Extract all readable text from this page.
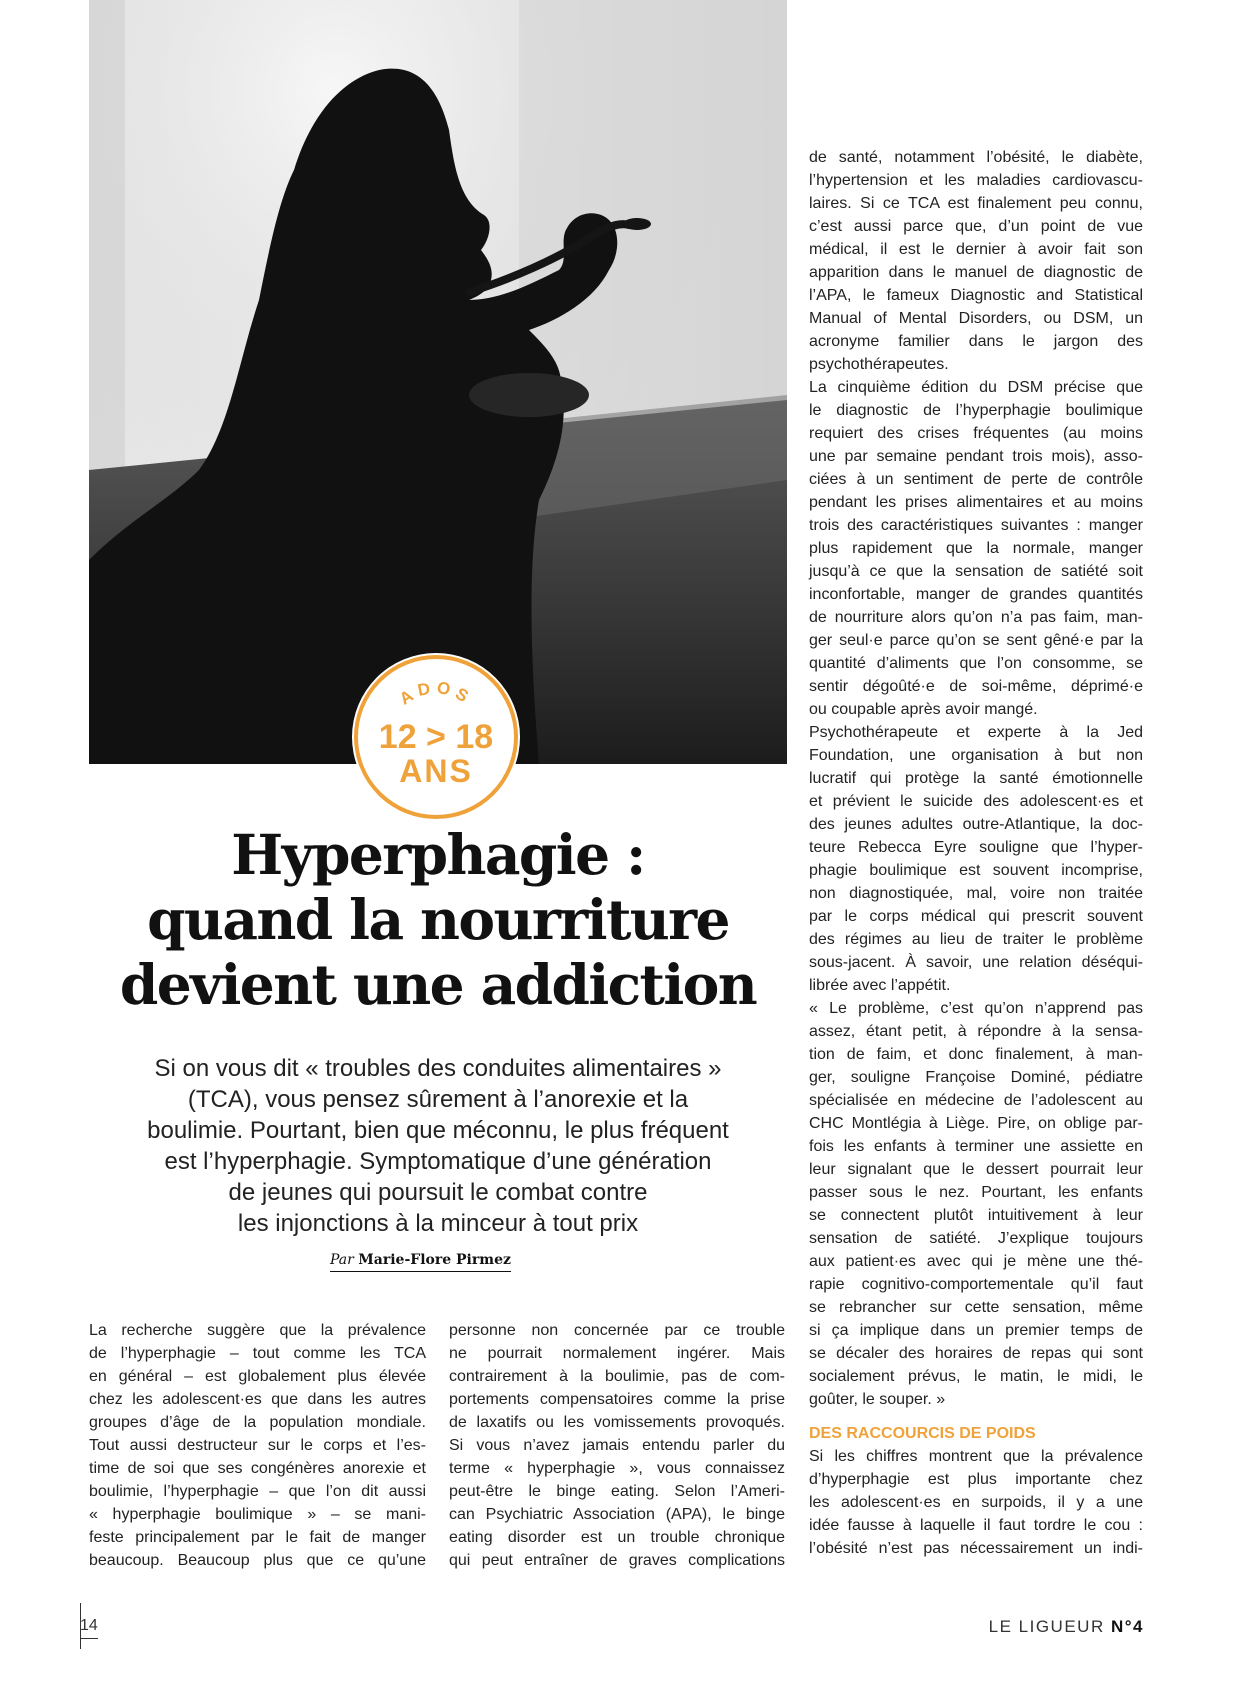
ADOS
12 > 18
ANS
Hyperphagie :
quand la nourriture
devient une addiction

Si on vous dit « troubles des conduites alimentaires »
(TCA), vous pensez sûrement à l’anorexie et la
boulimie. Pourtant, bien que méconnu, le plus fréquent
est l’hyperphagie. Symptomatique d’une génération
de jeunes qui poursuit le combat contre
les injonctions à la minceur à tout prix

Par Marie-Flore Pirmez

La recherche suggère que la prévalence
de l’hyperphagie – tout comme les TCA
en général – est globalement plus élevée
chez les adolescent·es que dans les autres
groupes d’âge de la population mondiale.
Tout aussi destructeur sur le corps et l’es-
time de soi que ses congénères anorexie et
boulimie, l’hyperphagie – que l’on dit aussi
« hyperphagie boulimique » – se mani-
feste principalement par le fait de manger
beaucoup. Beaucoup plus que ce qu’une
personne non concernée par ce trouble
ne pourrait normalement ingérer. Mais
contrairement à la boulimie, pas de com-
portements compensatoires comme la prise
de laxatifs ou les vomissements provoqués.
Si vous n’avez jamais entendu parler du
terme « hyperphagie », vous connaissez
peut-être le binge eating. Selon l’Ameri-
can Psychiatric Association (APA), le binge
eating disorder est un trouble chronique
qui peut entraîner de graves complications
de santé, notamment l’obésité, le diabète,
l’hypertension et les maladies cardiovascu-
laires. Si ce TCA est finalement peu connu,
c’est aussi parce que, d’un point de vue
médical, il est le dernier à avoir fait son
apparition dans le manuel de diagnostic de
l’APA, le fameux Diagnostic and Statistical
Manual of Mental Disorders, ou DSM, un
acronyme familier dans le jargon des
psychothérapeutes.
La cinquième édition du DSM précise que
le diagnostic de l’hyperphagie boulimique
requiert des crises fréquentes (au moins
une par semaine pendant trois mois), asso-
ciées à un sentiment de perte de contrôle
pendant les prises alimentaires et au moins
trois des caractéristiques suivantes : manger
plus rapidement que la normale, manger
jusqu’à ce que la sensation de satiété soit
inconfortable, manger de grandes quantités
de nourriture alors qu’on n’a pas faim, man-
ger seul·e parce qu’on se sent gêné·e par la
quantité d’aliments que l’on consomme, se
sentir dégoûté·e de soi-même, déprimé·e
ou coupable après avoir mangé.
Psychothérapeute et experte à la Jed
Foundation, une organisation à but non
lucratif qui protège la santé émotionnelle
et prévient le suicide des adolescent·es et
des jeunes adultes outre-Atlantique, la doc-
teure Rebecca Eyre souligne que l’hyper-
phagie boulimique est souvent incomprise,
non diagnostiquée, mal, voire non traitée
par le corps médical qui prescrit souvent
des régimes au lieu de traiter le problème
sous-jacent. À savoir, une relation déséqui-
librée avec l’appétit.
« Le problème, c’est qu’on n’apprend pas
assez, étant petit, à répondre à la sensa-
tion de faim, et donc finalement, à man-
ger, souligne Françoise Dominé, pédiatre
spécialisée en médecine de l’adolescent au
CHC Montlégia à Liège. Pire, on oblige par-
fois les enfants à terminer une assiette en
leur signalant que le dessert pourrait leur
passer sous le nez. Pourtant, les enfants
se connectent plutôt intuitivement à leur
sensation de satiété. J’explique toujours
aux patient·es avec qui je mène une thé-
rapie cognitivo-comportementale qu’il faut
se rebrancher sur cette sensation, même
si ça implique dans un premier temps de
se décaler des horaires de repas qui sont
socialement prévus, le matin, le midi, le
goûter, le souper. »
DES RACCOURCIS DE POIDS
Si les chiffres montrent que la prévalence
d’hyperphagie est plus importante chez
les adolescent·es en surpoids, il y a une
idée fausse à laquelle il faut tordre le cou :
l’obésité n’est pas nécessairement un indi-
14	LE LIGUEUR N°4
